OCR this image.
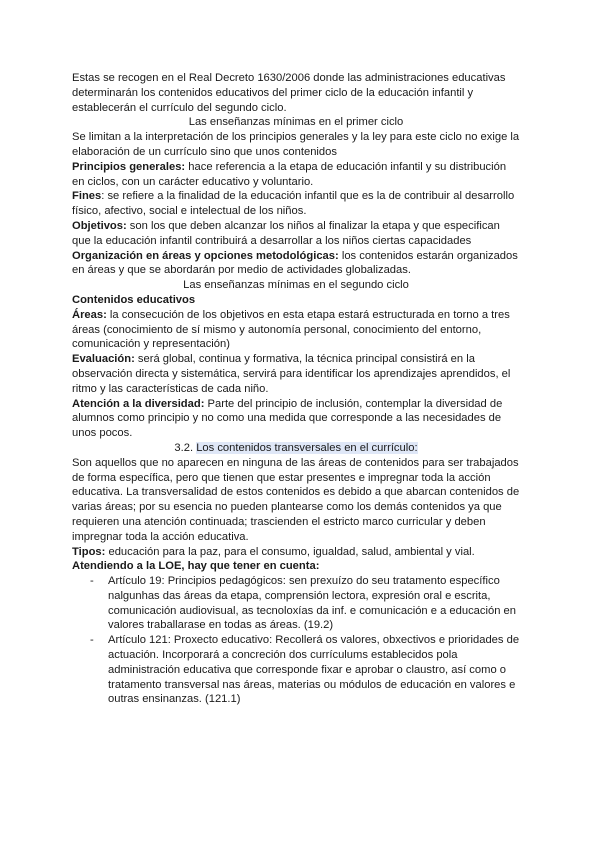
Estas se recogen en el Real Decreto 1630/2006 donde las administraciones educativas determinarán los contenidos educativos del primer ciclo de la educación infantil y establecerán el currículo del segundo ciclo.

Las enseñanzas mínimas en el primer ciclo

Se limitan a la interpretación de los principios generales y la ley para este ciclo no exige la elaboración de un currículo sino que unos contenidos

Principios generales: hace referencia a la etapa de educación infantil y su distribución en ciclos, con un carácter educativo y voluntario.

Fines: se refiere a la finalidad de la educación infantil que es la de contribuir al desarrollo físico, afectivo, social e intelectual de los niños.

Objetivos: son los que deben alcanzar los niños al finalizar la etapa y que especifican que la educación infantil contribuirá a desarrollar a los niños ciertas capacidades

Organización en áreas y opciones metodológicas: los contenidos estarán organizados en áreas y que se abordarán por medio de actividades globalizadas.

Las enseñanzas mínimas en el segundo ciclo

Contenidos educativos

Áreas: la consecución de los objetivos en esta etapa estará estructurada en torno a tres áreas (conocimiento de sí mismo y autonomía personal, conocimiento del entorno, comunicación y representación)

Evaluación: será global, continua y formativa, la técnica principal consistirá en la observación directa y sistemática, servirá para identificar los aprendizajes aprendidos, el ritmo y las características de cada niño.

Atención a la diversidad: Parte del principio de inclusión, contemplar la diversidad de alumnos como principio y no como una medida que corresponde a las necesidades de unos pocos.

3.2. Los contenidos transversales en el currículo:

Son aquellos que no aparecen en ninguna de las áreas de contenidos para ser trabajados de forma específica, pero que tienen que estar presentes e impregnar toda la acción educativa. La transversalidad de estos contenidos es debido a que abarcan contenidos de varias áreas; por su esencia no pueden plantearse como los demás contenidos ya que requieren una atención continuada; trascienden el estricto marco curricular y deben impregnar toda la acción educativa.

Tipos: educación para la paz, para el consumo, igualdad, salud, ambiental y vial.

Atendiendo a la LOE, hay que tener en cuenta:

- Artículo 19: Principios pedagógicos: sen prexuízo do seu tratamento específico nalgunhas das áreas da etapa, comprensión lectora, expresión oral e escrita, comunicación audiovisual, as tecnoloxías da inf. e comunicación e a educación en valores traballarase en todas as áreas. (19.2)
- Artículo 121: Proxecto educativo: Recollerá os valores, obxectivos e prioridades de actuación. Incorporará a concreción dos currículums establecidos pola administración educativa que corresponde fixar e aprobar o claustro, así como o tratamento transversal nas áreas, materias ou módulos de educación en valores e outras ensinanzas. (121.1)
